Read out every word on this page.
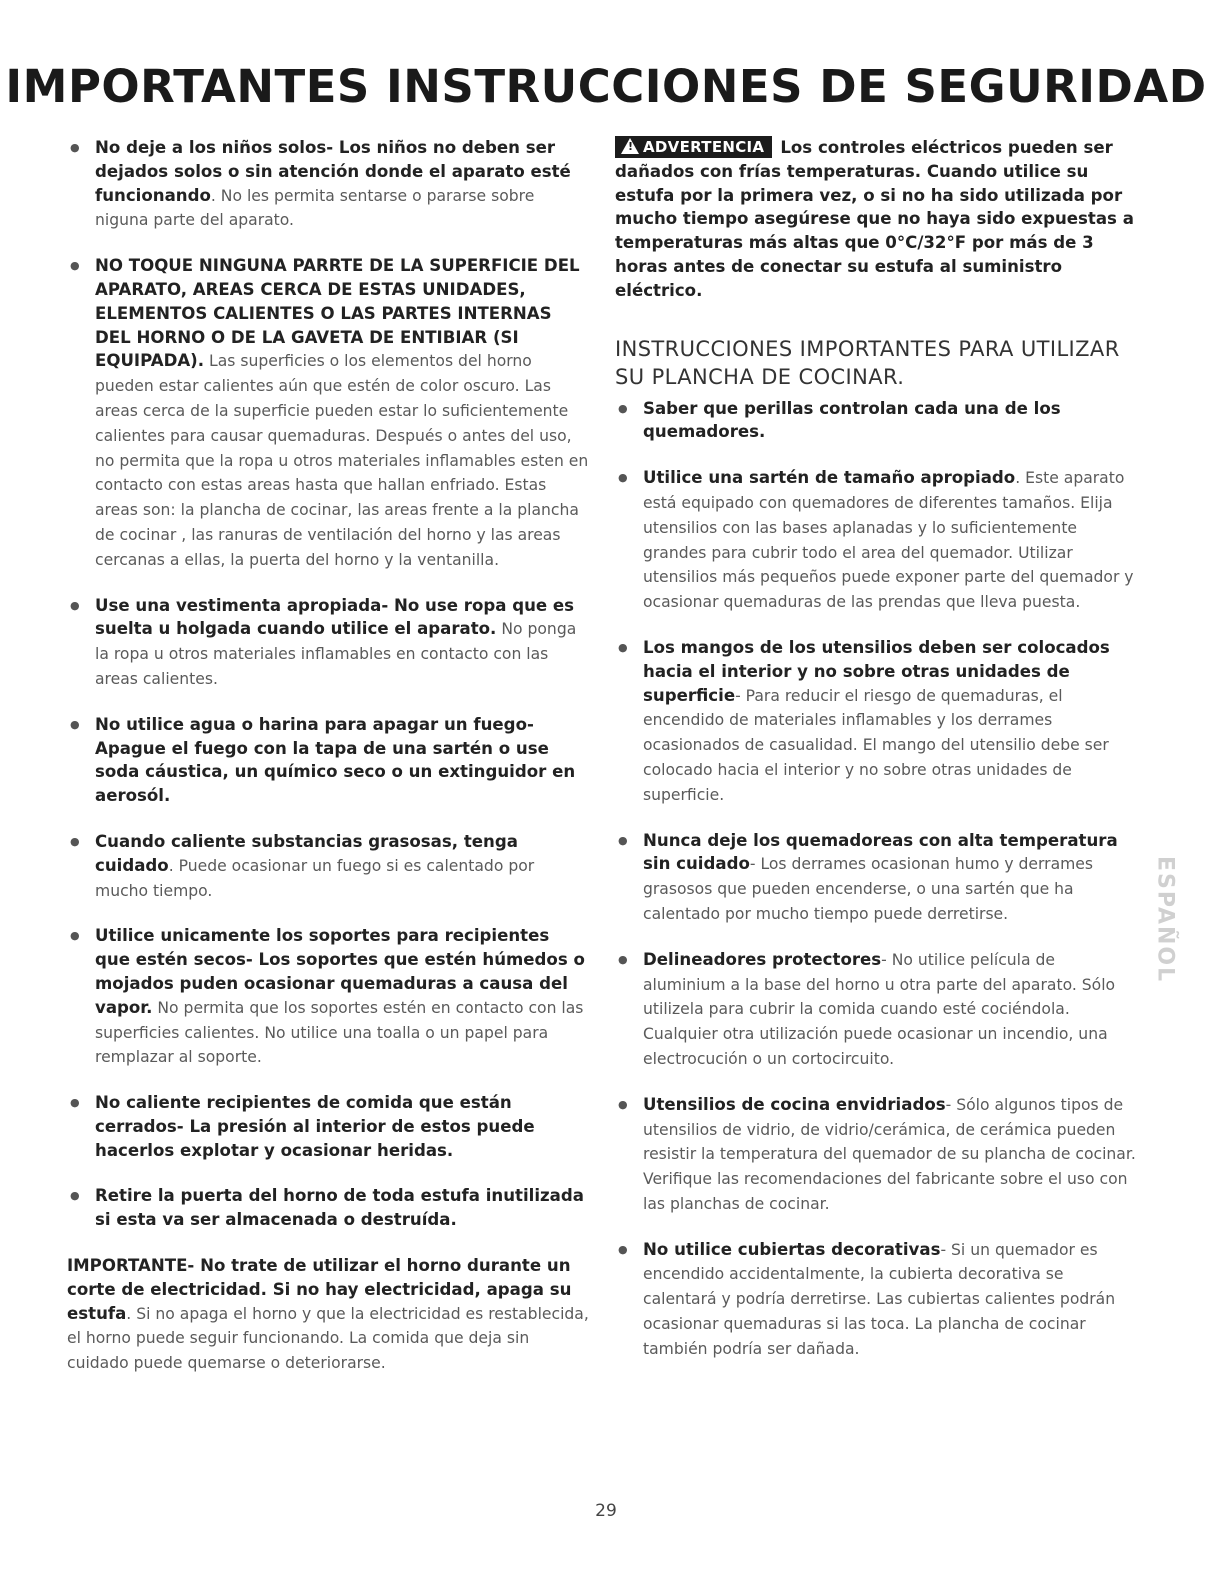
IMPORTANTES INSTRUCCIONES DE SEGURIDAD
● No deje a los niños solos- Los niños no deben ser dejados solos o sin atención donde el aparato esté funcionando. No les permita sentarse o pararse sobre niguna parte del aparato.
● NO TOQUE NINGUNA PARRTE DE LA SUPERFICIE DEL APARATO, AREAS CERCA DE ESTAS UNIDADES, ELEMENTOS CALIENTES O LAS PARTES INTERNAS DEL HORNO O DE LA GAVETA DE ENTIBIAR (SI EQUIPADA). Las superficies o los elementos del horno pueden estar calientes aún que estén de color oscuro. Las areas cerca de la superficie pueden estar lo suficientemente calientes para causar quemaduras. Después o antes del uso, no permita que la ropa u otros materiales inflamables esten en contacto con estas areas hasta que hallan enfriado. Estas areas son: la plancha de cocinar, las areas frente a la plancha de cocinar , las ranuras de ventilación del horno y las areas cercanas a ellas, la puerta del horno y la ventanilla.
● Use una vestimenta apropiada- No use ropa que es suelta u holgada cuando utilice el aparato. No ponga la ropa u otros materiales inflamables en contacto con las areas calientes.
● No utilice agua o harina para apagar un fuego- Apague el fuego con la tapa de una sartén o use soda cáustica, un químico seco o un extinguidor en aerosól.
● Cuando caliente substancias grasosas, tenga cuidado. Puede ocasionar un fuego si es calentado por mucho tiempo.
● Utilice unicamente los soportes para recipientes que estén secos- Los soportes que estén húmedos o mojados puden ocasionar quemaduras a causa del vapor. No permita que los soportes estén en contacto con las superficies calientes. No utilice una toalla o un papel para remplazar al soporte.
● No caliente recipientes de comida que están cerrados- La presión al interior de estos puede hacerlos explotar y ocasionar heridas.
● Retire la puerta del horno de toda estufa inutilizada si esta va ser almacenada o destruída.

IMPORTANTE- No trate de utilizar el horno durante un corte de electricidad. Si no hay electricidad, apaga su estufa. Si no apaga el horno y que la electricidad es restablecida, el horno puede seguir funcionando. La comida que deja sin cuidado puede quemarse o deteriorarse.

! ADVERTENCIA Los controles eléctricos pueden ser dañados con frías temperaturas. Cuando utilice su estufa por la primera vez, o si no ha sido utilizada por mucho tiempo asegúrese que no haya sido expuestas a temperaturas más altas que 0°C/32°F por más de 3 horas antes de conectar su estufa al suministro eléctrico.

INSTRUCCIONES IMPORTANTES PARA UTILIZAR SU PLANCHA DE COCINAR.
● Saber que perillas controlan cada una de los quemadores.
● Utilice una sartén de tamaño apropiado. Este aparato está equipado con quemadores de diferentes tamaños. Elija utensilios con las bases aplanadas y lo suficientemente grandes para cubrir todo el area del quemador. Utilizar utensilios más pequeños puede exponer parte del quemador y ocasionar quemaduras de las prendas que lleva puesta.
● Los mangos de los utensilios deben ser colocados hacia el interior y no sobre otras unidades de superficie- Para reducir el riesgo de quemaduras, el encendido de materiales inflamables y los derrames ocasionados de casualidad. El mango del utensilio debe ser colocado hacia el interior y no sobre otras unidades de superficie.
● Nunca deje los quemadoreas con alta temperatura sin cuidado- Los derrames ocasionan humo y derrames grasosos que pueden encenderse, o una sartén que ha calentado por mucho tiempo puede derretirse.
● Delineadores protectores- No utilice película de aluminium a la base del horno u otra parte del aparato. Sólo utilizela para cubrir la comida cuando esté cociéndola. Cualquier otra utilización puede ocasionar un incendio, una electrocución o un cortocircuito.
● Utensilios de cocina envidriados- Sólo algunos tipos de utensilios de vidrio, de vidrio/cerámica, de cerámica pueden resistir la temperatura del quemador de su plancha de cocinar. Verifique las recomendaciones del fabricante sobre el uso con las planchas de cocinar.
● No utilice cubiertas decorativas- Si un quemador es encendido accidentalmente, la cubierta decorativa se calentará y podría derretirse. Las cubiertas calientes podrán ocasionar quemaduras si las toca. La plancha de cocinar también podría ser dañada.
ESPAÑOL
29
